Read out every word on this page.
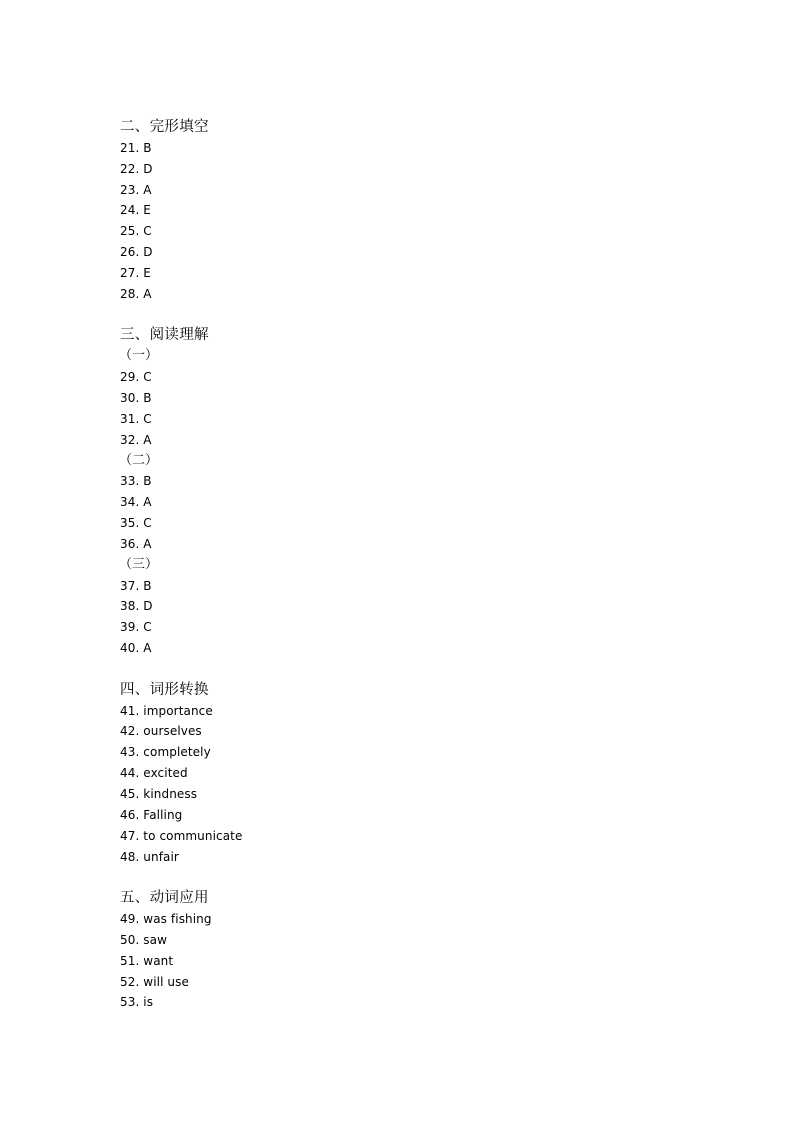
二、完形填空
21. B
22. D
23. A
24. E
25. C
26. D
27. E
28. A
三、阅读理解
（一）
29. C
30. B
31. C
32. A
（二）
33. B
34. A
35. C
36. A
（三）
37. B
38. D
39. C
40. A
四、词形转换
41. importance
42. ourselves
43. completely
44. excited
45. kindness
46. Falling
47. to communicate
48. unfair
五、动词应用
49. was fishing
50. saw
51. want
52. will use
53. is
